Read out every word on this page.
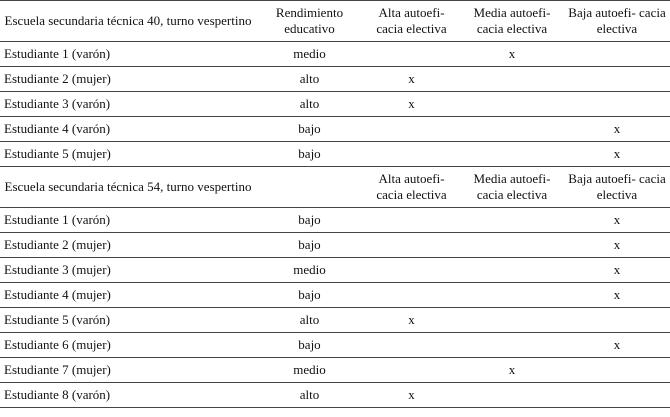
Escuela secundaria técnica 40, turno vespertino	Rendimiento educativo	Alta autoefi- cacia electiva	Media autoefi- cacia electiva	Baja autoefi- cacia electiva
Estudiante 1 (varón)	medio		x	
Estudiante 2 (mujer)	alto	x		
Estudiante 3 (varón)	alto	x		
Estudiante 4 (varón)	bajo			x
Estudiante 5 (mujer)	bajo			x
Escuela secundaria técnica 54, turno vespertino		Alta autoefi- cacia electiva	Media autoefi- cacia electiva	Baja autoefi- cacia electiva
Estudiante 1 (varón)	bajo			x
Estudiante 2 (mujer)	bajo			x
Estudiante 3 (mujer)	medio			x
Estudiante 4 (mujer)	bajo			x
Estudiante 5 (varón)	alto	x		
Estudiante 6 (mujer)	bajo			x
Estudiante 7 (mujer)	medio		x	
Estudiante 8 (varón)	alto	x		
